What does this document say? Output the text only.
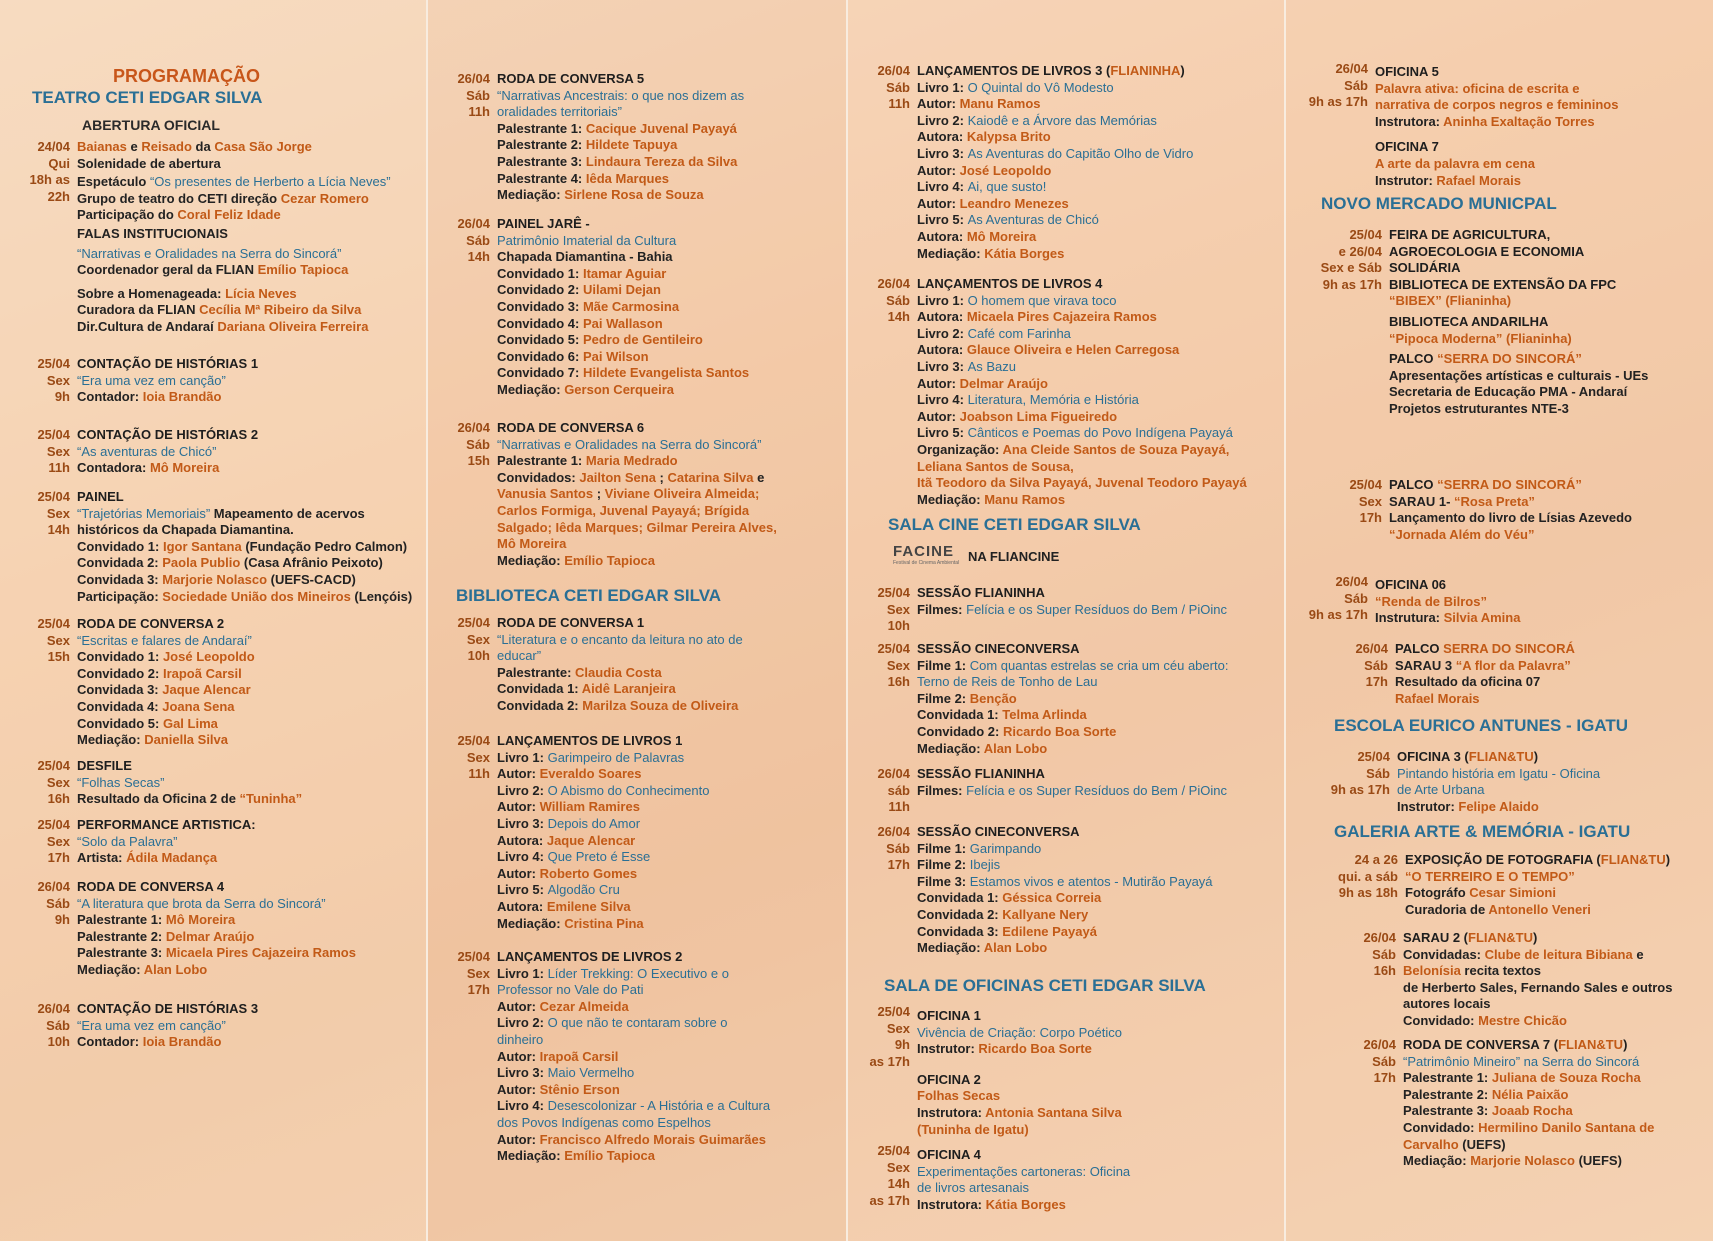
PROGRAMAÇÃO
TEATRO CETI EDGAR SILVA
ABERTURA OFICIAL
24/04
Qui
18h as
22h
Baianas e Reisado da Casa São Jorge
Solenidade de abertura
Espetáculo “Os presentes de Herberto a Lícia Neves”
Grupo de teatro do CETI direção Cezar Romero
Participação do Coral Feliz Idade
FALAS INSTITUCIONAIS
“Narrativas e Oralidades na Serra do Sincorá”
Coordenador geral da FLIAN Emílio Tapioca
Sobre a Homenageada: Lícia Neves
Curadora da FLIAN Cecília Mª Ribeiro da Silva
Dir.Cultura de Andaraí Dariana Oliveira Ferreira
25/04
Sex
9h
CONTAÇÃO DE HISTÓRIAS 1
“Era uma vez em canção”
Contador: Ioia Brandão
25/04
Sex
11h
CONTAÇÃO DE HISTÓRIAS 2
“As aventuras de Chicó”
Contadora: Mô Moreira
25/04
Sex
14h
PAINEL
“Trajetórias Memoriais” Mapeamento de acervos
históricos da Chapada Diamantina.
Convidado 1: Igor Santana (Fundação Pedro Calmon)
Convidada 2: Paola Publio (Casa Afrânio Peixoto)
Convidada 3: Marjorie Nolasco (UEFS-CACD)
Participação: Sociedade União dos Mineiros (Lençóis)
25/04
Sex
15h
RODA DE CONVERSA 2
“Escritas e falares de Andaraí”
Convidado 1: José Leopoldo
Convidado 2: Irapoã Carsil
Convidada 3: Jaque Alencar
Convidada 4: Joana Sena
Convidado 5: Gal Lima
Mediação: Daniella Silva
25/04
Sex
16h
DESFILE
“Folhas Secas”
Resultado da Oficina 2 de “Tuninha”
25/04
Sex
17h
PERFORMANCE ARTISTICA:
“Solo da Palavra”
Artista: Ádila Madança
26/04
Sáb
9h
RODA DE CONVERSA 4
“A literatura que brota da Serra do Sincorá”
Palestrante 1: Mô Moreira
Palestrante 2: Delmar Araújo
Palestrante 3: Micaela Pires Cajazeira Ramos
Mediação: Alan Lobo
26/04
Sáb
10h
CONTAÇÃO DE HISTÓRIAS 3
“Era uma vez em canção”
Contador: Ioia Brandão
26/04
Sáb
11h
RODA DE CONVERSA 5
“Narrativas Ancestrais: o que nos dizem as
oralidades territoriais”
Palestrante 1: Cacique Juvenal Payayá
Palestrante 2: Hildete Tapuya
Palestrante 3: Lindaura Tereza da Silva
Palestrante 4: Iêda Marques
Mediação: Sirlene Rosa de Souza
26/04
Sáb
14h
PAINEL JARÊ -
Patrimônio Imaterial da Cultura
Chapada Diamantina - Bahia
Convidado 1: Itamar Aguiar
Convidado 2: Uilami Dejan
Convidado 3: Mãe Carmosina
Convidado 4: Pai Wallason
Convidado 5: Pedro de Gentileiro
Convidado 6: Pai Wilson
Convidado 7: Hildete Evangelista Santos
Mediação: Gerson Cerqueira
26/04
Sáb
15h
RODA DE CONVERSA 6
“Narrativas e Oralidades na Serra do Sincorá”
Palestrante 1: Maria Medrado
Convidados: Jailton Sena ; Catarina Silva e
Vanusia Santos ; Viviane Oliveira Almeida;
Carlos Formiga, Juvenal Payayá; Brígida
Salgado; Iêda Marques; Gilmar Pereira Alves,
Mô Moreira
Mediação: Emílio Tapioca
BIBLIOTECA CETI EDGAR SILVA
25/04
Sex
10h
RODA DE CONVERSA 1
“Literatura e o encanto da leitura no ato de
educar”
Palestrante: Claudia Costa
Convidada 1: Aidê Laranjeira
Convidada 2: Marilza Souza de Oliveira
25/04
Sex
11h
LANÇAMENTOS DE LIVROS 1
Livro 1: Garimpeiro de Palavras
Autor: Everaldo Soares
Livro 2: O Abismo do Conhecimento
Autor: William Ramires
Livro 3: Depois do Amor
Autora: Jaque Alencar
Livro 4: Que Preto é Esse
Autor: Roberto Gomes
Livro 5: Algodão Cru
Autora: Emilene Silva
Mediação: Cristina Pina
25/04
Sex
17h
LANÇAMENTOS DE LIVROS 2
Livro 1: Líder Trekking: O Executivo e o
Professor no Vale do Pati
Autor: Cezar Almeida
Livro 2: O que não te contaram sobre o
dinheiro
Autor: Irapoã Carsil
Livro 3: Maio Vermelho
Autor: Stênio Erson
Livro 4: Desescolonizar - A História e a Cultura
dos Povos Indígenas como Espelhos
Autor: Francisco Alfredo Morais Guimarães
Mediação: Emílio Tapioca
26/04
Sáb
11h
LANÇAMENTOS DE LIVROS 3 (FLIANINHA)
Livro 1: O Quintal do Vô Modesto
Autor: Manu Ramos
Livro 2: Kaiodê e a Árvore das Memórias
Autora: Kalypsa Brito
Livro 3: As Aventuras do Capitão Olho de Vidro
Autor: José Leopoldo
Livro 4: Ai, que susto!
Autor: Leandro Menezes
Livro 5: As Aventuras de Chicó
Autora: Mô Moreira
Mediação: Kátia Borges
26/04
Sáb
14h
LANÇAMENTOS DE LIVROS 4
Livro 1: O homem que virava toco
Autora: Micaela Pires Cajazeira Ramos
Livro 2: Café com Farinha
Autora: Glauce Oliveira e Helen Carregosa
Livro 3: As Bazu
Autor: Delmar Araújo
Livro 4: Literatura, Memória e História
Autor: Joabson Lima Figueiredo
Livro 5: Cânticos e Poemas do Povo Indígena Payayá
Organização: Ana Cleide Santos de Souza Payayá,
Leliana Santos de Sousa,
Itã Teodoro da Silva Payayá, Juvenal Teodoro Payayá
Mediação: Manu Ramos
SALA CINE CETI EDGAR SILVA
FACINE
Festival de Cinema Ambiental NA FLIANCINE
25/04
Sex
10h
SESSÃO FLIANINHA
Filmes: Felícia e os Super Resíduos do Bem / PiOinc
25/04
Sex
16h
SESSÃO CINECONVERSA
Filme 1: Com quantas estrelas se cria um céu aberto:
Terno de Reis de Tonho de Lau
Filme 2: Benção
Convidada 1: Telma Arlinda
Convidado 2: Ricardo Boa Sorte
Mediação: Alan Lobo
26/04
sáb
11h
SESSÃO FLIANINHA
Filmes: Felícia e os Super Resíduos do Bem / PiOinc
26/04
Sáb
17h
SESSÃO CINECONVERSA
Filme 1: Garimpando
Filme 2: Ibejis
Filme 3: Estamos vivos e atentos - Mutirão Payayá
Convidada 1: Géssica Correia
Convidada 2: Kallyane Nery
Convidada 3: Edilene Payayá
Mediação: Alan Lobo
SALA DE OFICINAS CETI EDGAR SILVA
25/04
Sex
9h
as 17h
OFICINA 1
Vivência de Criação: Corpo Poético
Instrutor: Ricardo Boa Sorte
OFICINA 2
Folhas Secas
Instrutora: Antonia Santana Silva
(Tuninha de Igatu)
25/04
Sex
14h
as 17h
OFICINA 4
Experimentações cartoneras: Oficina
de livros artesanais
Instrutora: Kátia Borges
26/04
Sáb
9h as 17h
OFICINA 5
Palavra ativa: oficina de escrita e
narrativa de corpos negros e femininos
Instrutora: Aninha Exaltação Torres
OFICINA 7
A arte da palavra em cena
Instrutor: Rafael Morais
NOVO MERCADO MUNICPAL
25/04
e 26/04
Sex e Sáb
9h as 17h
FEIRA DE AGRICULTURA,
AGROECOLOGIA E ECONOMIA
SOLIDÁRIA
BIBLIOTECA DE EXTENSÃO DA FPC
“BIBEX” (Flianinha)
BIBLIOTECA ANDARILHA
“Pipoca Moderna” (Flianinha)
PALCO “SERRA DO SINCORÁ”
Apresentações artísticas e culturais - UEs
Secretaria de Educação PMA - Andaraí
Projetos estruturantes NTE-3
25/04
Sex
17h
PALCO “SERRA DO SINCORÁ”
SARAU 1- “Rosa Preta”
Lançamento do livro de Lísias Azevedo
“Jornada Além do Véu”
26/04
Sáb
9h as 17h
OFICINA 06
“Renda de Bilros”
Instrutura: Silvia Amina
26/04
Sáb
17h
PALCO SERRA DO SINCORÁ
SARAU 3 “A flor da Palavra”
Resultado da oficina 07
Rafael Morais
ESCOLA EURICO ANTUNES - IGATU
25/04
Sáb
9h as 17h
OFICINA 3 (FLIAN&TU)
Pintando história em Igatu - Oficina
de Arte Urbana
Instrutor: Felipe Alaido
GALERIA ARTE & MEMÓRIA - IGATU
24 a 26
qui. a sáb
9h as 18h
EXPOSIÇÃO DE FOTOGRAFIA (FLIAN&TU)
“O TERREIRO E O TEMPO”
Fotográfo Cesar Simioni
Curadoria de Antonello Veneri
26/04
Sáb
16h
SARAU 2 (FLIAN&TU)
Convidadas: Clube de leitura Bibiana e
Belonísia recita textos
de Herberto Sales, Fernando Sales e outros
autores locais
Convidado: Mestre Chicão
26/04
Sáb
17h
RODA DE CONVERSA 7 (FLIAN&TU)
“Patrimônio Mineiro” na Serra do Sincorá
Palestrante 1: Juliana de Souza Rocha
Palestrante 2: Nélia Paixão
Palestrante 3: Joaab Rocha
Convidado: Hermilino Danilo Santana de
Carvalho (UEFS)
Mediação: Marjorie Nolasco (UEFS)
